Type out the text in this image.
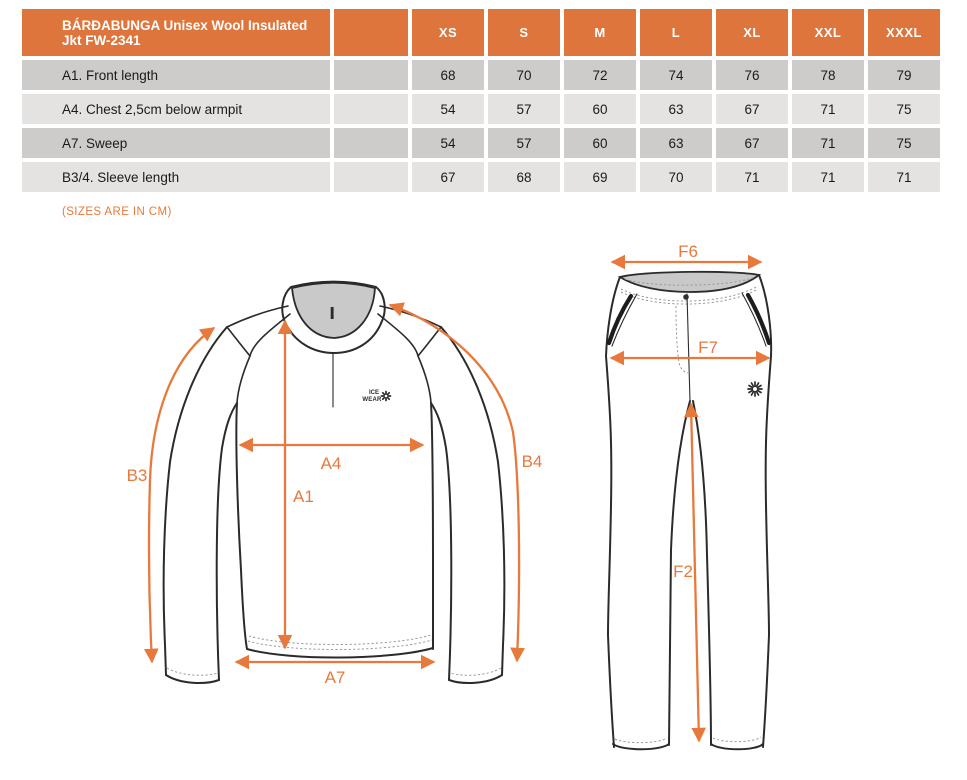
BÁRÐABUNGA Unisex Wool Insulated Jkt FW-2341		XS	S	M	L	XL	XXL	XXXL
A1. Front length		68	70	72	74	76	78	79
A4. Chest 2,5cm below armpit		54	57	60	63	67	71	75
A7. Sweep		54	57	60	63	67	71	75
B3/4. Sleeve length		67	68	69	70	71	71	71
(SIZES ARE IN CM)
ICE
WEAR
B3
B4
A4
A1
A7
F6
F7
F2
